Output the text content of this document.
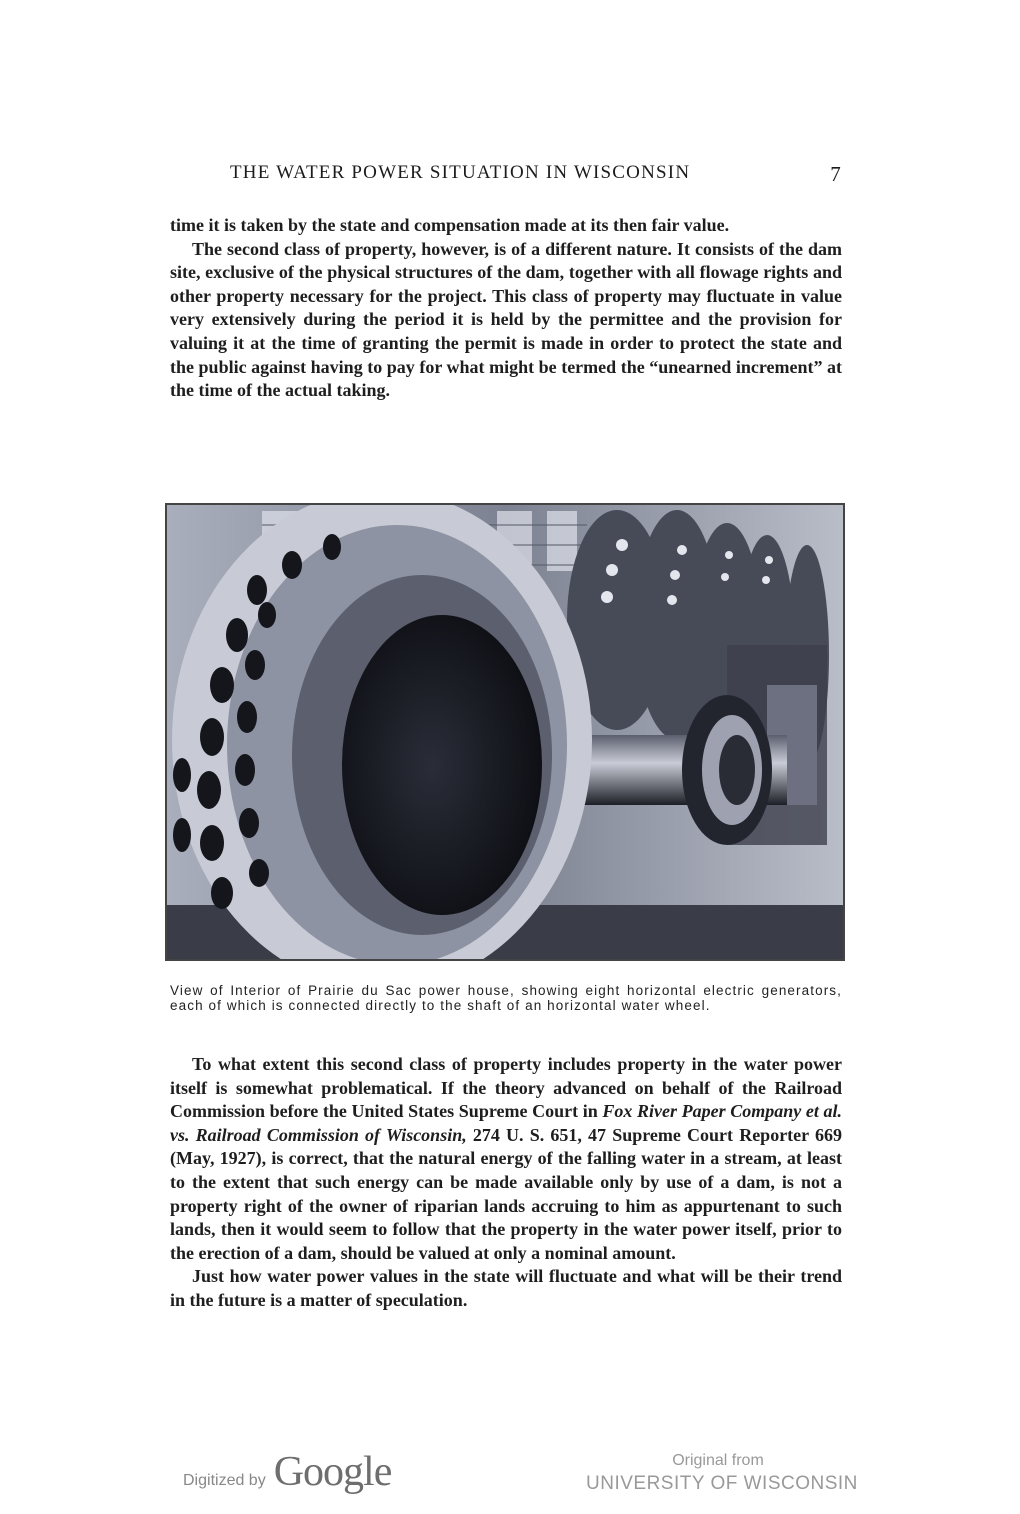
THE WATER POWER SITUATION IN WISCONSIN	7

time it is taken by the state and compensation made at its then fair value.

The second class of property, however, is of a different nature. It consists of the dam site, exclusive of the physical structures of the dam, together with all flowage rights and other property necessary for the project. This class of property may fluctuate in value very extensively during the period it is held by the permittee and the provision for valuing it at the time of granting the permit is made in order to protect the state and the public against having to pay for what might be termed the “unearned increment” at the time of the actual taking.

View of Interior of Prairie du Sac power house, showing eight horizontal electric generators, each of which is connected directly to the shaft of an horizontal water wheel.

To what extent this second class of property includes property in the water power itself is somewhat problematical. If the theory advanced on behalf of the Railroad Commission before the United States Supreme Court in Fox River Paper Company et al. vs. Railroad Commission of Wisconsin, 274 U. S. 651, 47 Supreme Court Reporter 669 (May, 1927), is correct, that the natural energy of the falling water in a stream, at least to the extent that such energy can be made available only by use of a dam, is not a property right of the owner of riparian lands accruing to him as appurtenant to such lands, then it would seem to follow that the property in the water power itself, prior to the erection of a dam, should be valued at only a nominal amount.

Just how water power values in the state will fluctuate and what will be their trend in the future is a matter of speculation.

Digitized by Google	Original from
UNIVERSITY OF WISCONSIN
